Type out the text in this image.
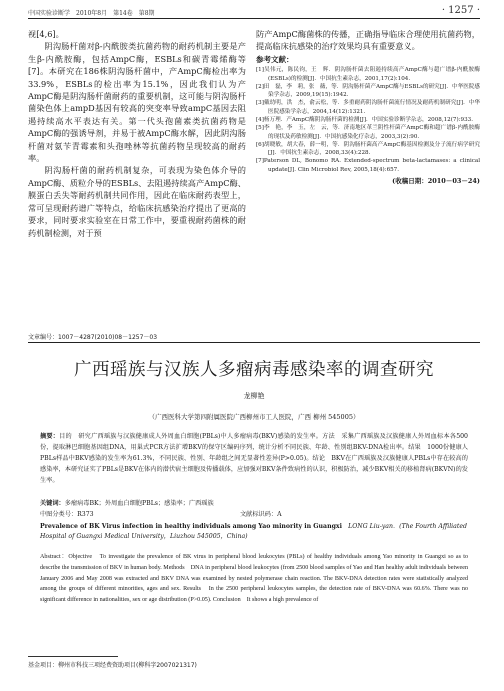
中国实验诊断学　2010年8月　第14卷　第8期	· 1257 ·

视[4,6]。

阴沟肠杆菌对β-内酰胺类抗菌药物的耐药机制主要是产生β-内酰胺酶，包括AmpC酶，ESBLs和碳青霉烯酶等[7]。本研究在186株阴沟肠杆菌中，产AmpC酶检出率为33.9%，ESBLs的检出率为15.1%，因此我们认为产AmpC酶是阴沟肠杆菌耐药的重要机制，这可能与阴沟肠杆菌染色体上ampD基因有较高的突变率导致ampC基因去阻遏持续高水平表达有关。第一代头孢菌素类抗菌药物是AmpC酶的强诱导剂，并易于被AmpC酶水解，因此阴沟肠杆菌对氨苄青霉素和头孢唑林等抗菌药物呈现较高的耐药率。

阴沟肠杆菌的耐药机制复杂，可表现为染色体介导的AmpC酶、质粒介导的ESBLs、去阻遏持续高产AmpC酶、膜蛋白丢失等耐药机制共同作用，因此在临床耐药表型上，常可呈现耐药谱广等特点，给临床抗感染治疗提出了更高的要求，同时要求实验室在日常工作中，要重视耐药菌株的耐药机制检测，对于预

防产AmpC酶菌株的传播，正确指导临床合理使用抗菌药物，提高临床抗感染的治疗效果均具有重要意义。

参考文献：

[1]吴伟元，陈民钧，王　辉．阴沟肠杆菌去阻遏持续高产AmpC酶与超广谱β-内酰胺酶(ESBLs)的检测[J]．中国抗生素杂志，2001,17(2):104.

[2]田　磊，李　莉，张　薇，等．阴沟肠杆菌产AmpC酶与ESBLs的研究[J]．中华医院感染学杂志，2009,19(15):1942.

[3]戴幼明，洪　杰，俞云松，等．多重耐药阴沟肠杆菌流行情况及耐药机制研究[J]．中华医院感染学杂志，2004,14(12):1321.

[4]杨万理．产AmpC酶阴沟肠杆菌的检测[J]．中国实验诊断学杂志，2008,12(7):933.

[5]李　艳，李　玉，左　云，等．济南地区革兰阴性杆菌产AmpC酶和超广谱β-内酰胺酶的现状及药敏检测[J]．中国抗感染化疗杂志，2003,3(2):90.

[6]胡晓敏，胡大春，薛一明，等．阴沟肠杆菌高产AmpC酶基因检测及分子流行病学研究[J]．中国抗生素杂志，2008,33(4):228.

[7]Paterson DL, Bonomo RA. Extended-spectrum beta-lactamases: a clinical update[J]. Clin Microbiol Rev, 2005,18(4):657.

(收稿日期：2010－03－24)
文章编号：1007－4287(2010)08－1257－03
广西瑶族与汉族人多瘤病毒感染率的调查研究
龙柳艳
（广西医科大学第四附属医院广西柳州市工人医院，广西 柳州 545005）
摘要：目的　研究广西瑶族与汉族健康成人外周血白细胞(PBLs)中人多瘤病毒(BKV)感染的发生率。方法　采集广西瑶族及汉族健康人外周血标本各500份，提取淋巴细胞基因组DNA，用巢式PCR方法扩增BKV的保守区编码序列，统计分析不同民族、年龄、性别组BKV-DNA检出率。结果　1000份健康人PBLs样品中BKV感染的发生率为61.3%，不同民族、性别、年龄组之间无显著性差异(P>0.05)。结论　BKV在广西瑶族及汉族健康人PBLs中存在较高的感染率，本研究证实了PBLs是BKV在体内的潜伏宿主细胞及传播载体，应加强对BKV条件致病性的认识，积极防治，减少BKV相关的移植肾病(BKVN)的发生率。
关键词：多瘤病毒BK；外周血白细胞PBLs；感染率；广西瑶族
中图分类号：R373	文献标识码：A
Prevalence of BK Virus infection in healthy individuals among Yao minority in Guangxi　 LONG Liu-yan．(The Fourth Affiliated Hospital of Guangxi Medical University，Liuzhou 545005，China)
Abstract：Objective　To investigate the prevalence of BK virus in peripheral blood leukocytes (PBLs) of healthy individuals among Yao minority in Guangxi so as to describe the transmission of BKV in human body. Methods　DNA in peripheral blood leukocytes (from 2500 blood samples of Yao and Han healthy adult individuals between January 2006 and May 2008 was extracted and BKV DNA was examined by nested polymerase chain reaction. The BKV-DNA detection rates were statistically analyzed among the groups of different minorities, ages and sex. Results　In the 2500 peripheral leukocytes samples, the detection rate of BKV-DNA was 60.6%. There was no significant difference in nationalities, sex or age distribution (P>0.05). Conclusion　It shows a high prevalence of
基金项目：柳州市科技三项经费资助项目(柳科字2007021317)
